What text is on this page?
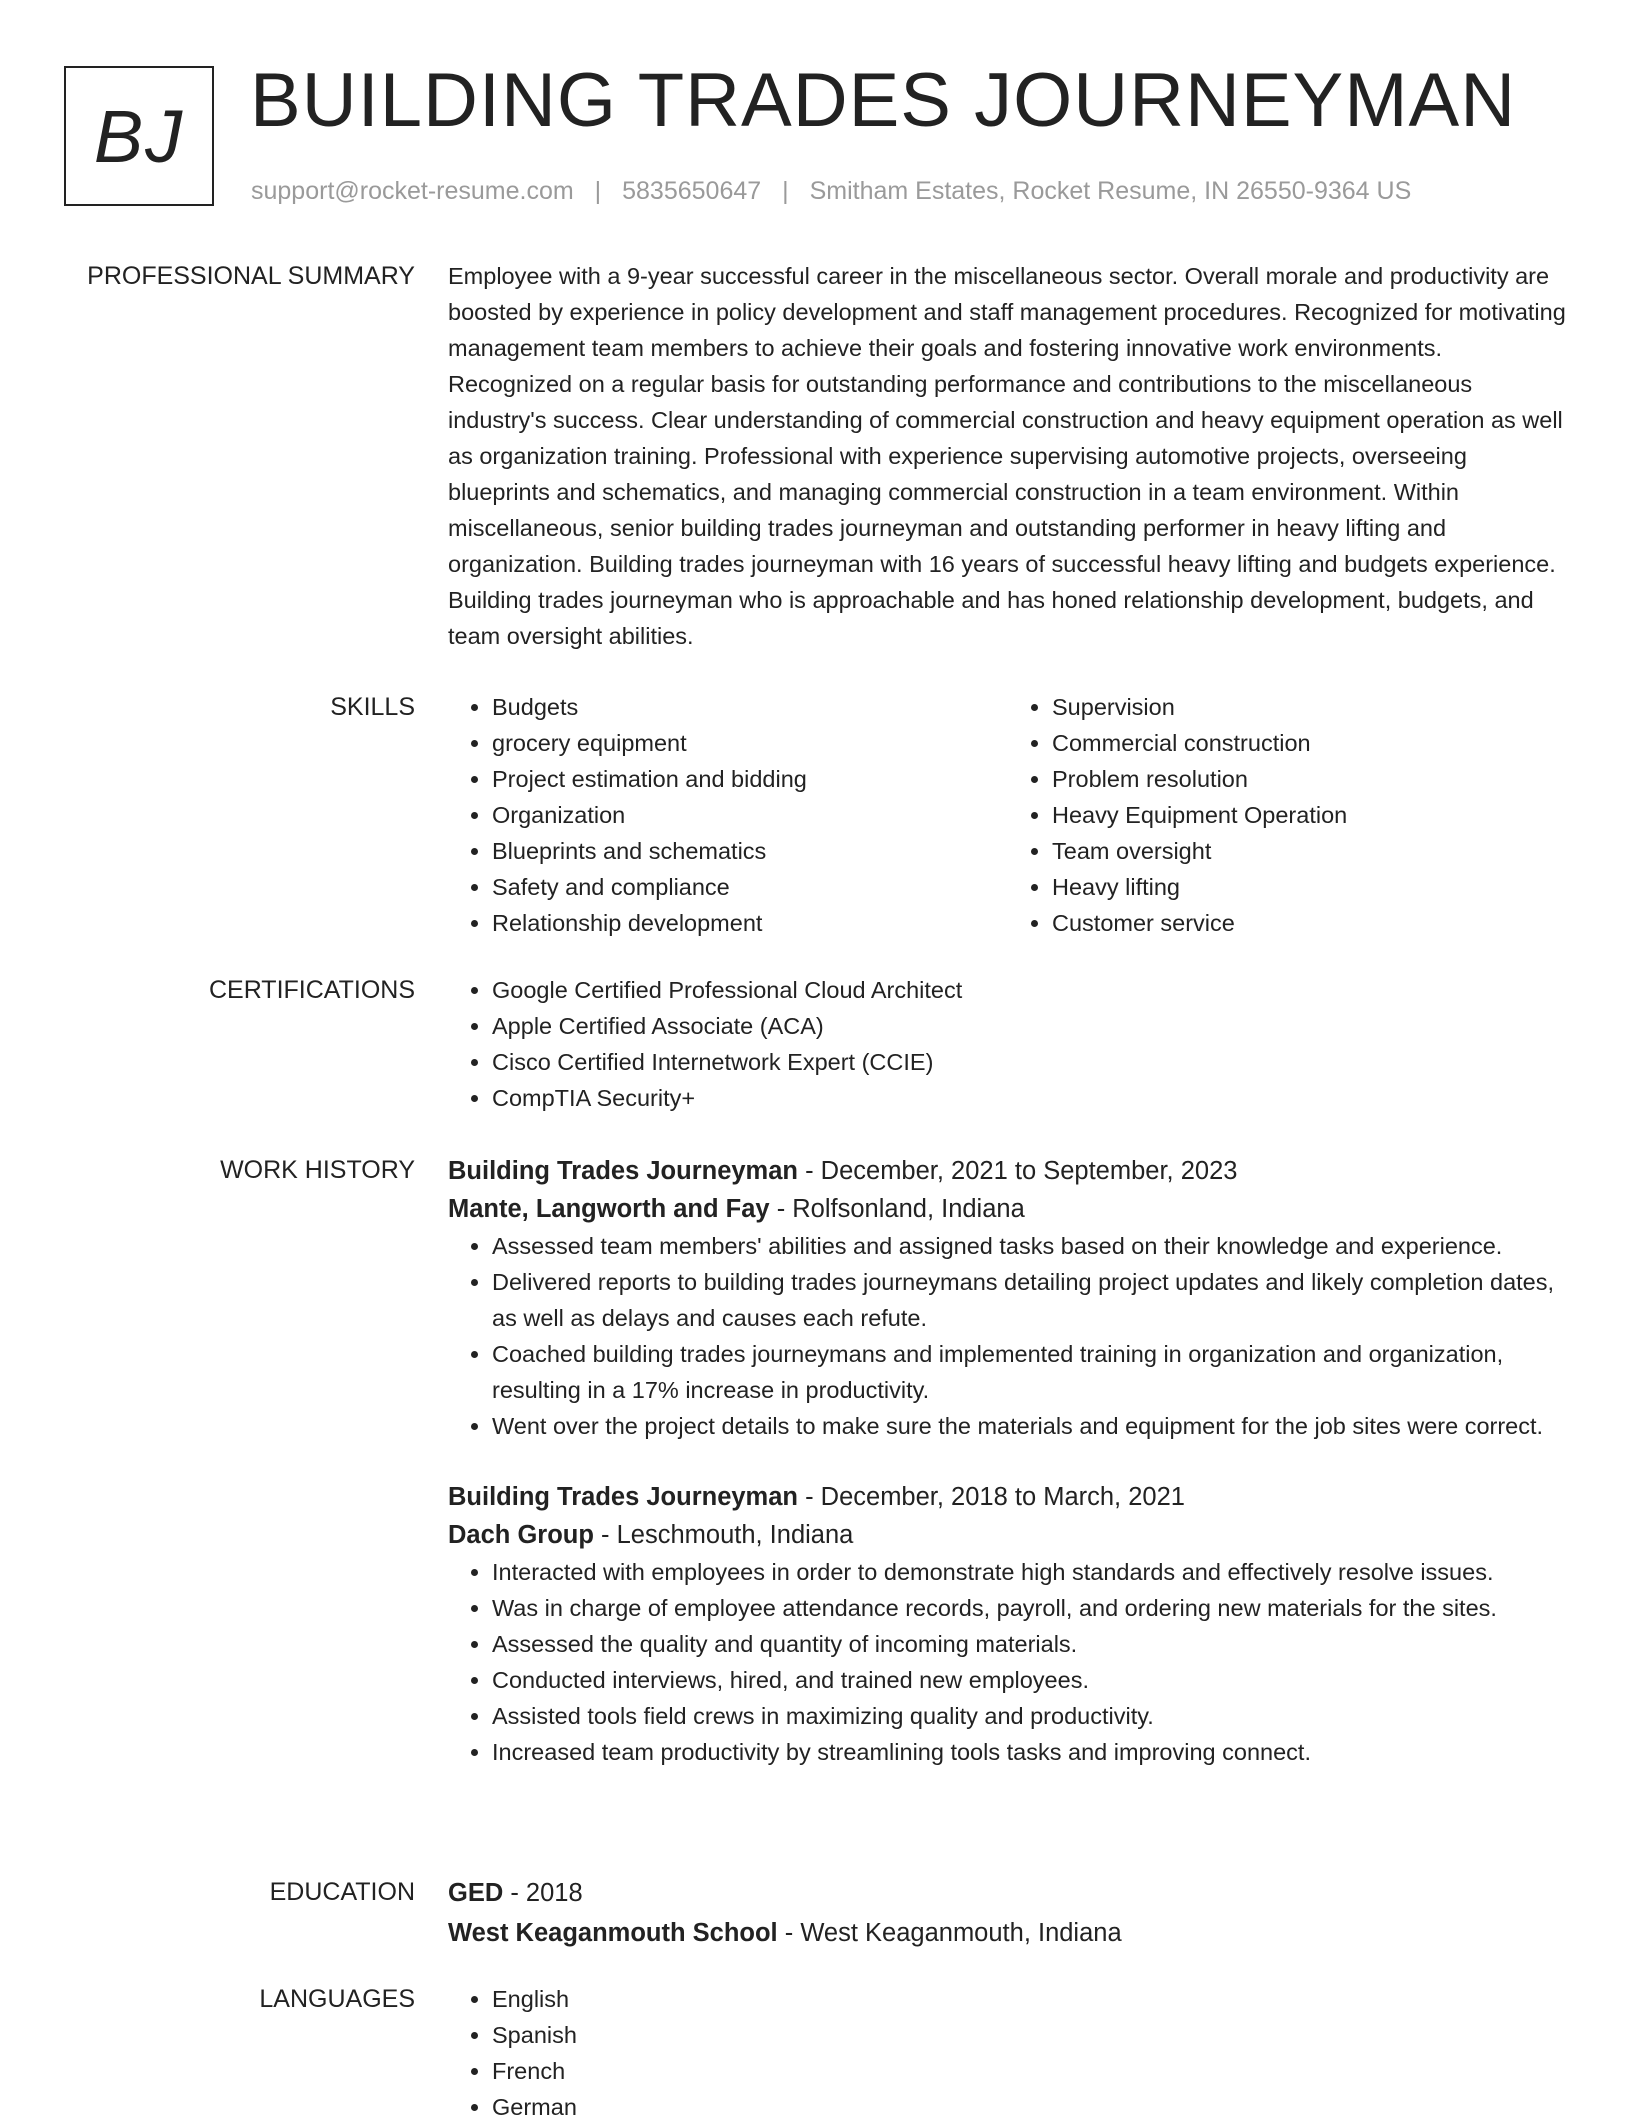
BJ BUILDING TRADES JOURNEYMAN
support@rocket-resume.com | 5835650647 | Smitham Estates, Rocket Resume, IN 26550-9364 US
PROFESSIONAL SUMMARY Employee with a 9-year successful career in the miscellaneous sector. Overall morale and productivity are boosted by experience in policy development and staff management procedures. Recognized for motivating management team members to achieve their goals and fostering innovative work environments. Recognized on a regular basis for outstanding performance and contributions to the miscellaneous industry's success. Clear understanding of commercial construction and heavy equipment operation as well as organization training. Professional with experience supervising automotive projects, overseeing blueprints and schematics, and managing commercial construction in a team environment. Within miscellaneous, senior building trades journeyman and outstanding performer in heavy lifting and organization. Building trades journeyman with 16 years of successful heavy lifting and budgets experience. Building trades journeyman who is approachable and has honed relationship development, budgets, and team oversight abilities.

SKILLS	• Budgets
• grocery equipment
• Project estimation and bidding
• Organization
• Blueprints and schematics
• Safety and compliance
• Relationship development
• Supervision
• Commercial construction
• Problem resolution
• Heavy Equipment Operation
• Team oversight
• Heavy lifting
• Customer service
CERTIFICATIONS	• Google Certified Professional Cloud Architect
• Apple Certified Associate (ACA)
• Cisco Certified Internetwork Expert (CCIE)
• CompTIA Security+
WORK HISTORY Building Trades Journeyman - December, 2021 to September, 2023
Mante, Langworth and Fay - Rolfsonland, Indiana
• Assessed team members' abilities and assigned tasks based on their knowledge and experience.
• Delivered reports to building trades journeymans detailing project updates and likely completion dates, as well as delays and causes each refute.
• Coached building trades journeymans and implemented training in organization and organization, resulting in a 17% increase in productivity.
• Went over the project details to make sure the materials and equipment for the job sites were correct.
Building Trades Journeyman - December, 2018 to March, 2021
Dach Group - Leschmouth, Indiana
• Interacted with employees in order to demonstrate high standards and effectively resolve issues.
• Was in charge of employee attendance records, payroll, and ordering new materials for the sites.
• Assessed the quality and quantity of incoming materials.
• Conducted interviews, hired, and trained new employees.
• Assisted tools field crews in maximizing quality and productivity.
• Increased team productivity by streamlining tools tasks and improving connect.
EDUCATION GED - 2018
West Keaganmouth School - West Keaganmouth, Indiana
LANGUAGES	• English
• Spanish
• French
• German
